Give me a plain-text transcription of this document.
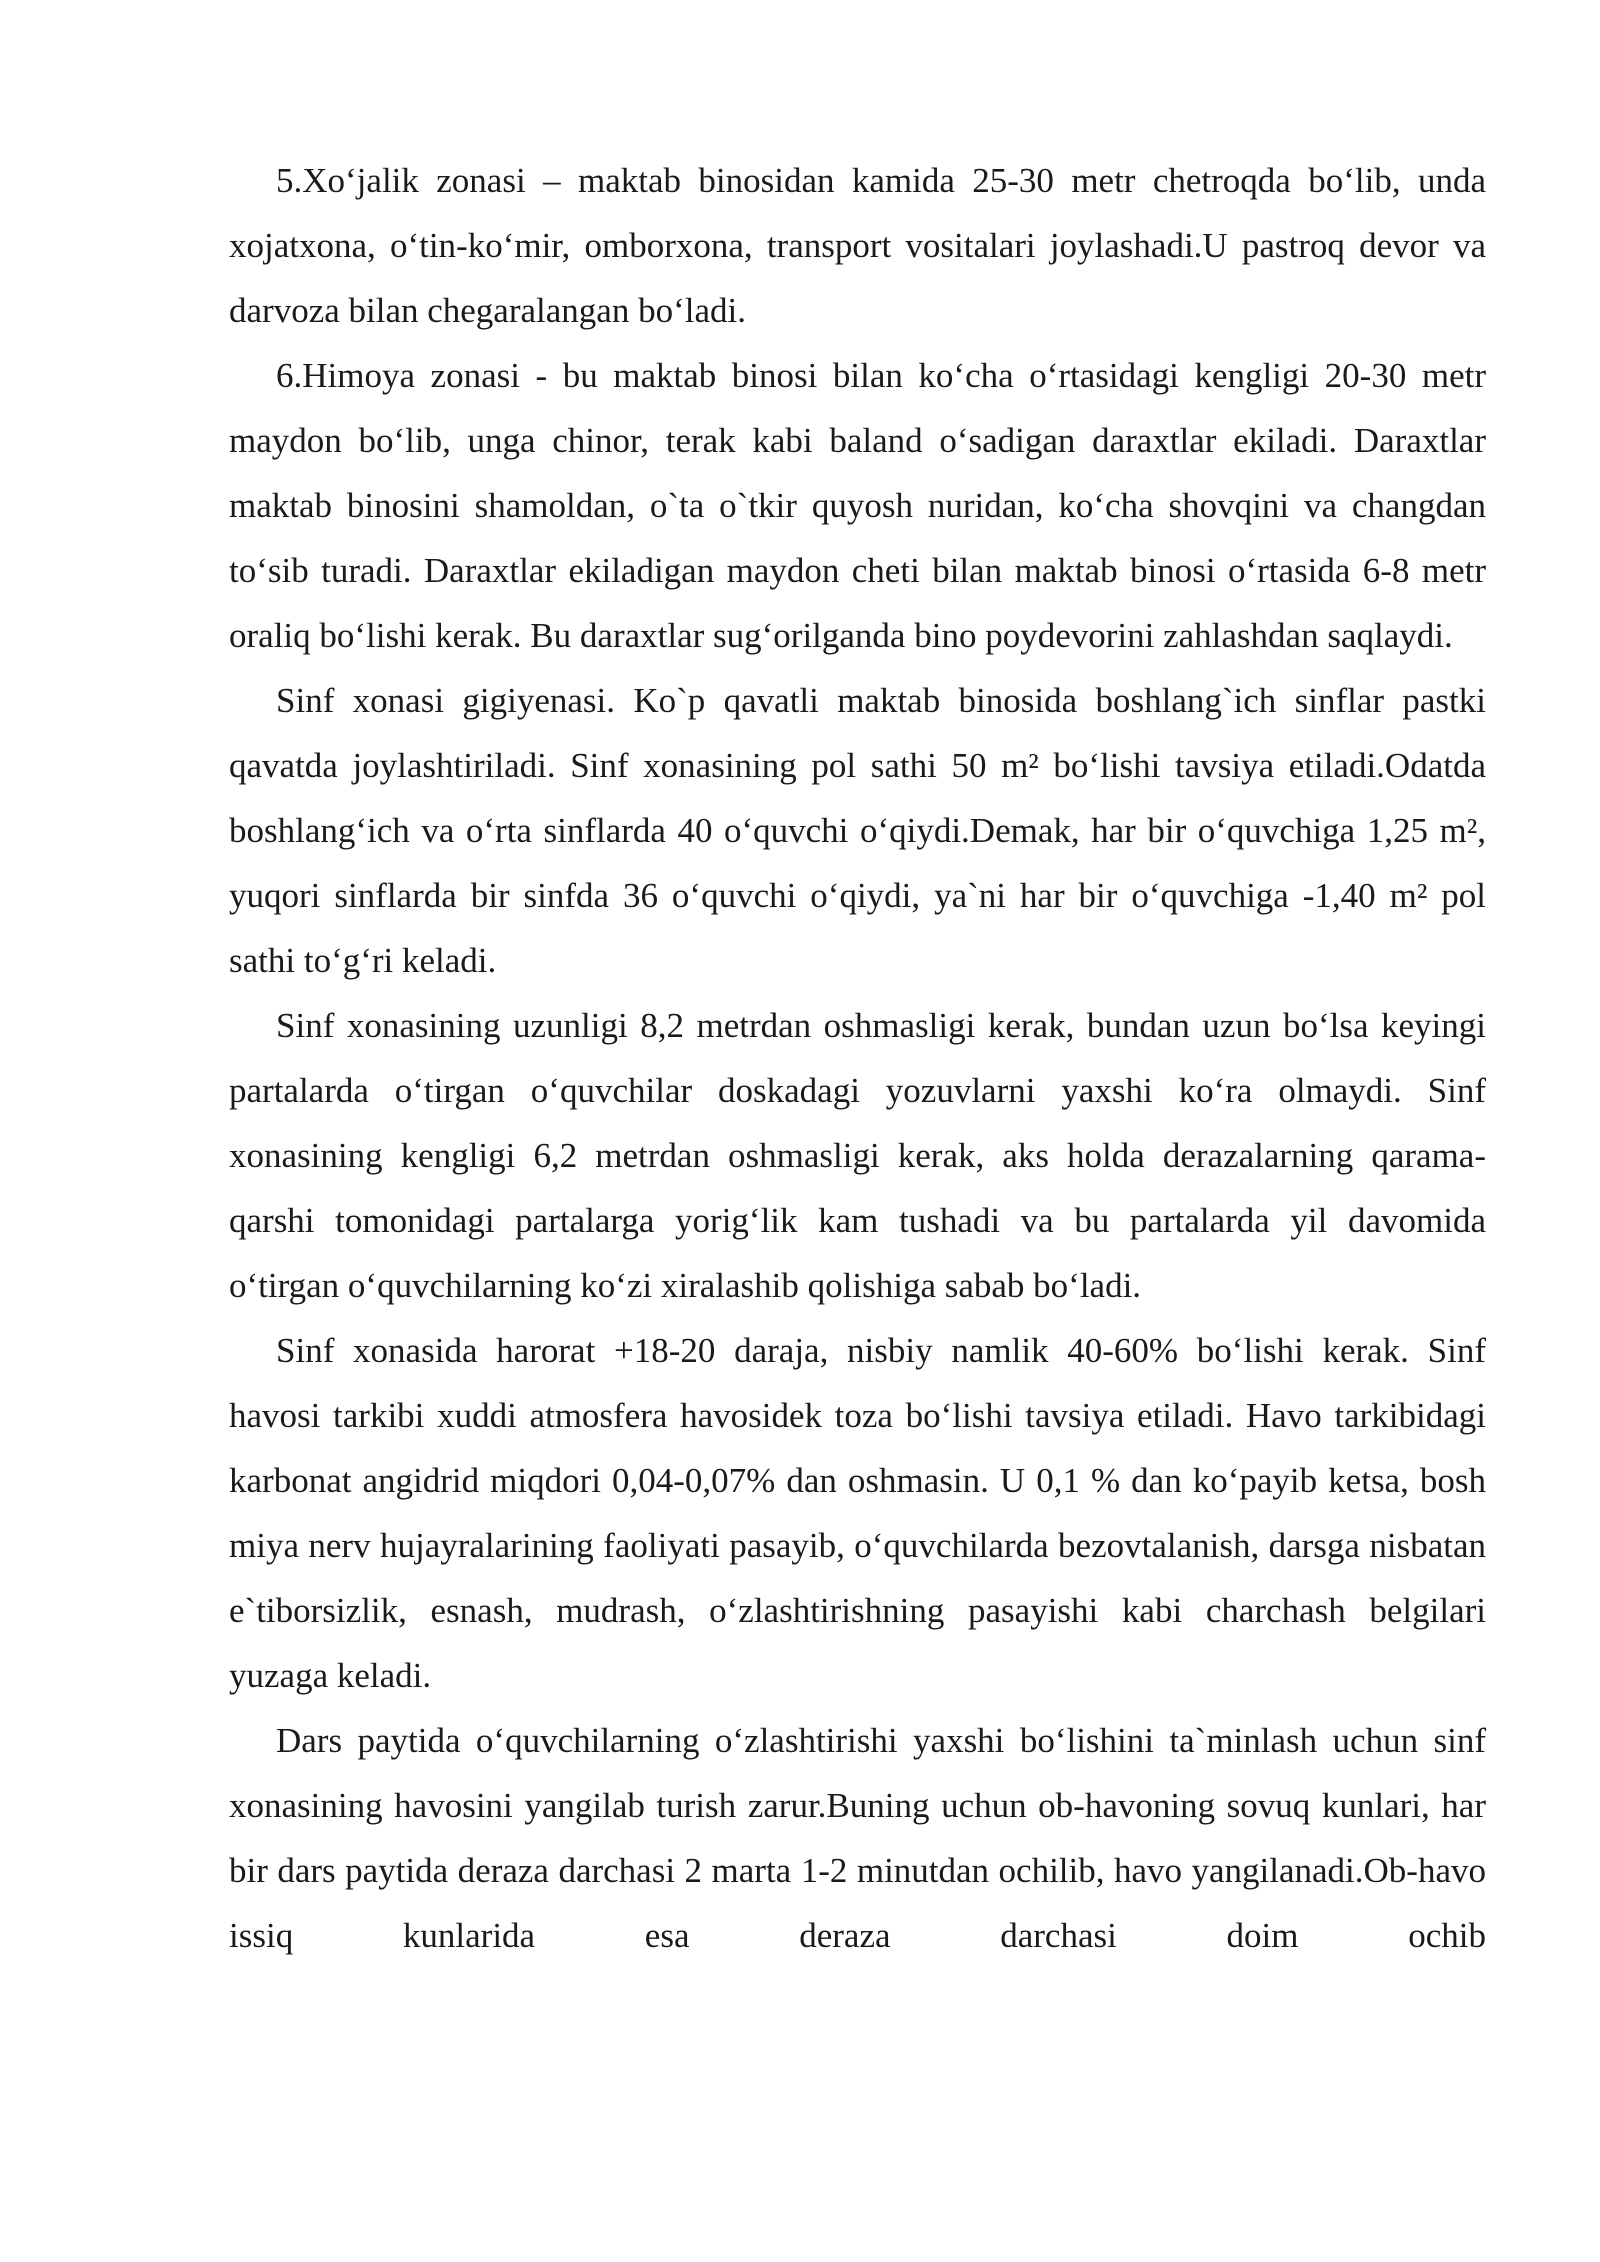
5.Xo‘jalik zonasi – maktab binosidan kamida 25-30 metr chetroqda bo‘lib, unda xojatxona, o‘tin-ko‘mir, omborxona, transport vositalari joylashadi.U pastroq devor va darvoza bilan chegaralangan bo‘ladi.

6.Himoya zonasi - bu maktab binosi bilan ko‘cha o‘rtasidagi kengligi 20-30 metr maydon bo‘lib, unga chinor, terak kabi baland o‘sadigan daraxtlar ekiladi. Daraxtlar maktab binosini shamoldan, o`ta o`tkir quyosh nuridan, ko‘cha shovqini va changdan to‘sib turadi. Daraxtlar ekiladigan maydon cheti bilan maktab binosi o‘rtasida 6-8 metr oraliq bo‘lishi kerak. Bu daraxtlar sug‘orilganda bino poydevorini zahlashdan saqlaydi.

Sinf xonasi gigiyenasi. Ko`p qavatli maktab binosida boshlang`ich sinflar pastki qavatda joylashtiriladi. Sinf xonasining pol sathi 50 m² bo‘lishi tavsiya etiladi.Odatda boshlang‘ich va o‘rta sinflarda 40 o‘quvchi o‘qiydi.Demak, har bir o‘quvchiga 1,25 m², yuqori sinflarda bir sinfda 36 o‘quvchi o‘qiydi, ya`ni har bir o‘quvchiga -1,40 m² pol sathi to‘g‘ri keladi.

Sinf xonasining uzunligi 8,2 metrdan oshmasligi kerak, bundan uzun bo‘lsa keyingi partalarda o‘tirgan o‘quvchilar doskadagi yozuvlarni yaxshi ko‘ra olmaydi. Sinf xonasining kengligi 6,2 metrdan oshmasligi kerak, aks holda derazalarning qarama-qarshi tomonidagi partalarga yorig‘lik kam tushadi va bu partalarda yil davomida o‘tirgan o‘quvchilarning ko‘zi xiralashib qolishiga sabab bo‘ladi.

Sinf xonasida harorat +18-20 daraja, nisbiy namlik 40-60% bo‘lishi kerak. Sinf havosi tarkibi xuddi atmosfera havosidek toza bo‘lishi tavsiya etiladi. Havo tarkibidagi karbonat angidrid miqdori 0,04-0,07% dan oshmasin. U 0,1 % dan ko‘payib ketsa, bosh miya nerv hujayralarining faoliyati pasayib, o‘quvchilarda bezovtalanish, darsga nisbatan e`tiborsizlik, esnash, mudrash, o‘zlashtirishning pasayishi kabi charchash belgilari yuzaga keladi.

Dars paytida o‘quvchilarning o‘zlashtirishi yaxshi bo‘lishini ta`minlash uchun sinf xonasining havosini yangilab turish zarur.Buning uchun ob-havoning sovuq kunlari, har bir dars paytida deraza darchasi 2 marta 1-2 minutdan ochilib, havo yangilanadi.Ob-havo issiq kunlarida esa deraza darchasi doim ochib
